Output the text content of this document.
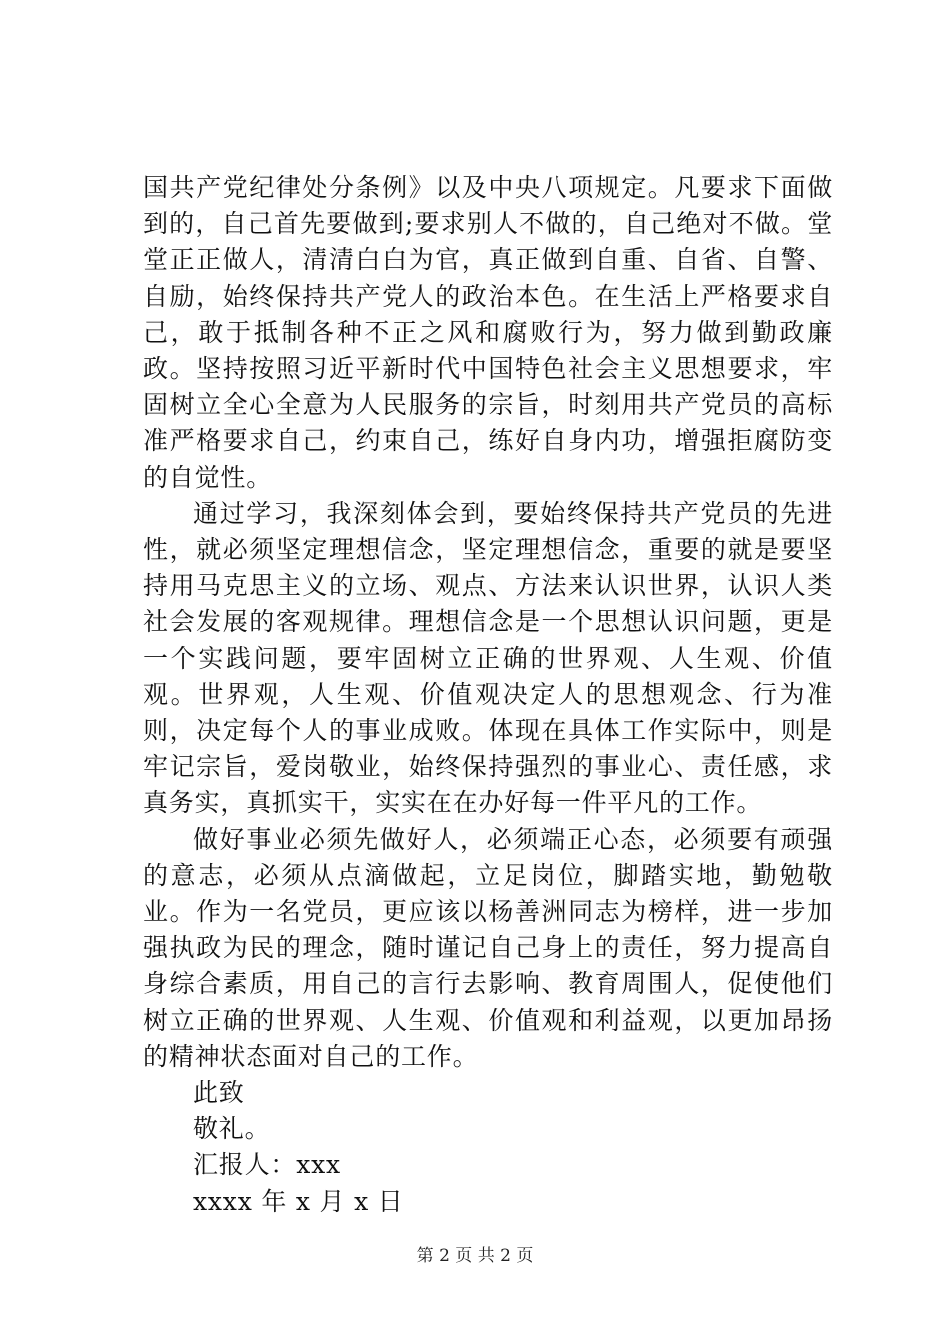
国共产党纪律处分条例》以及中央八项规定。凡要求下面做到的，自己首先要做到;要求别人不做的，自己绝对不做。堂堂正正做人，清清白白为官，真正做到自重、自省、自警、自励，始终保持共产党人的政治本色。在生活上严格要求自己，敢于抵制各种不正之风和腐败行为，努力做到勤政廉政。坚持按照习近平新时代中国特色社会主义思想要求，牢固树立全心全意为人民服务的宗旨，时刻用共产党员的高标准严格要求自己，约束自己，练好自身内功，增强拒腐防变的自觉性。

通过学习，我深刻体会到，要始终保持共产党员的先进性，就必须坚定理想信念，坚定理想信念，重要的就是要坚持用马克思主义的立场、观点、方法来认识世界，认识人类社会发展的客观规律。理想信念是一个思想认识问题，更是一个实践问题，要牢固树立正确的世界观、人生观、价值观。世界观，人生观、价值观决定人的思想观念、行为准则，决定每个人的事业成败。体现在具体工作实际中，则是牢记宗旨，爱岗敬业，始终保持强烈的事业心、责任感，求真务实，真抓实干，实实在在办好每一件平凡的工作。

做好事业必须先做好人，必须端正心态，必须要有顽强的意志，必须从点滴做起，立足岗位，脚踏实地，勤勉敬业。作为一名党员，更应该以杨善洲同志为榜样，进一步加强执政为民的理念，随时谨记自己身上的责任，努力提高自身综合素质，用自己的言行去影响、教育周围人，促使他们树立正确的世界观、人生观、价值观和利益观，以更加昂扬的精神状态面对自己的工作。

此致

敬礼。

汇报人：xxx

xxxx 年 x 月 x 日

第 2 页 共 2 页
